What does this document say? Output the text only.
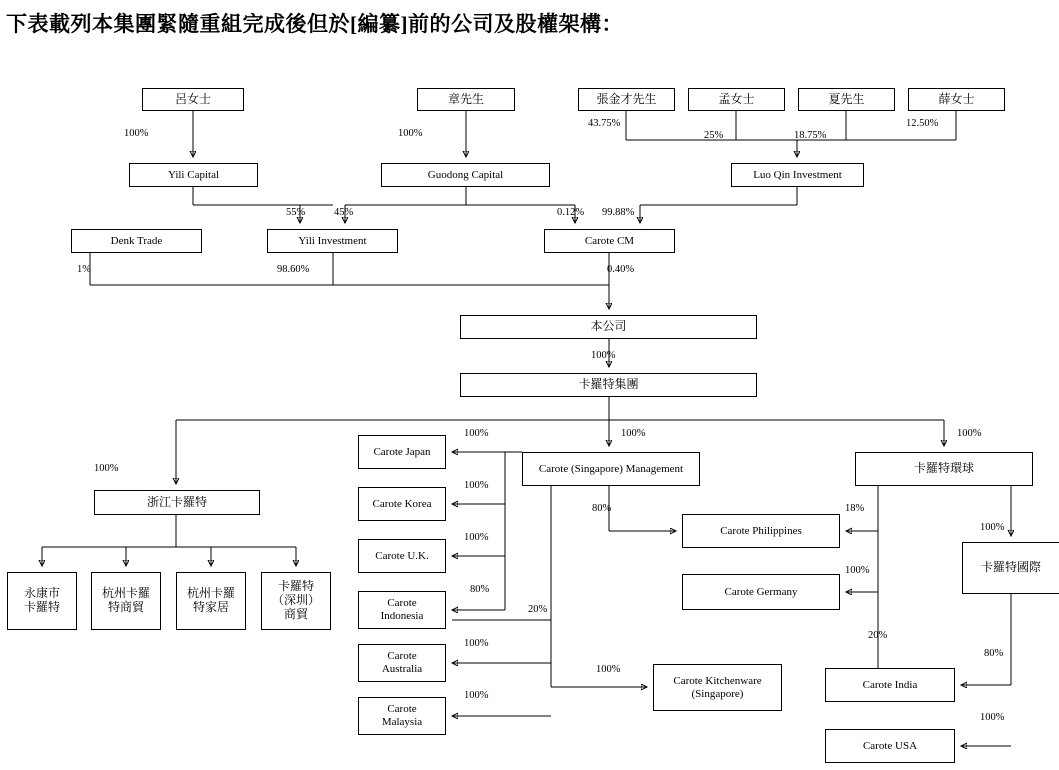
下表載列本集團緊隨重組完成後但於[編纂]前的公司及股權架構：
呂女士	章先生	張金才先生	孟女士	夏先生	薛女士
Yili Capital	Guodong Capital	Luo Qin Investment
Denk Trade	Yili Investment	Carote CM
本公司
卡羅特集團
浙江卡羅特
永康市
卡羅特
杭州卡羅
特商貿
杭州卡羅
特家居
卡羅特
（深圳）
商貿
Carote Japan
Carote Korea
Carote U.K.
Carote
Indonesia
Carote
Australia
Carote
Malaysia
Carote (Singapore) Management
Carote Philippines
Carote Germany
Carote Kitchenware
(Singapore)
卡羅特環球
卡羅特國際
Carote India
Carote USA
100%	100%
43.75%
25%	18.75%
12.50%
55%	45%	0.12% 99.88%
1%	98.60%	0.40%
100%
100%
100%	100%
100%
100%
100%
80%
20%
100%
100%
80%	18%
100%
100%
100%
20%
80%
100%
